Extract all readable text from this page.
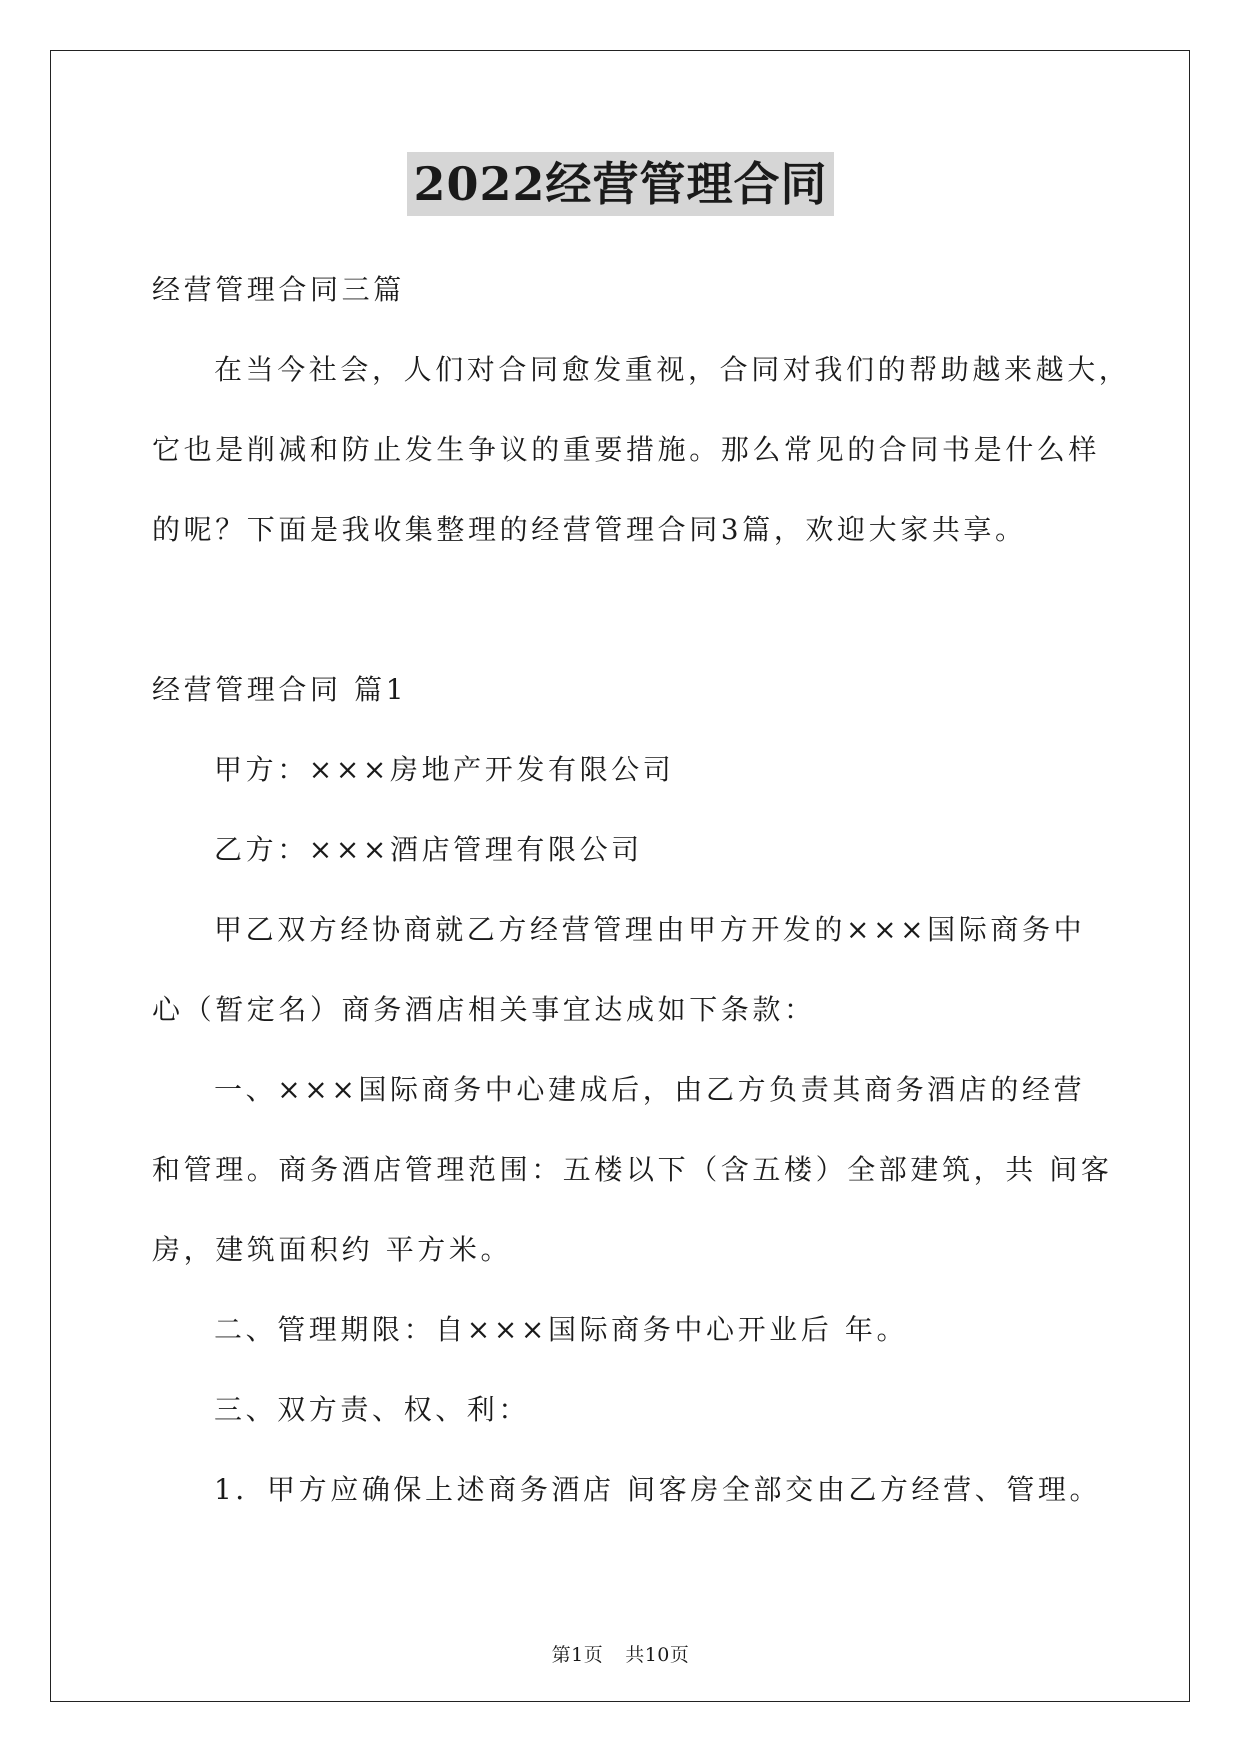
2022经营管理合同
经营管理合同三篇
在当今社会，人们对合同愈发重视，合同对我们的帮助越来越大，
它也是削减和防止发生争议的重要措施。那么常见的合同书是什么样
的呢？下面是我收集整理的经营管理合同3篇，欢迎大家共享。
经营管理合同 篇1
甲方：×××房地产开发有限公司
乙方：×××酒店管理有限公司
甲乙双方经协商就乙方经营管理由甲方开发的×××国际商务中
心（暂定名）商务酒店相关事宜达成如下条款：
一、×××国际商务中心建成后，由乙方负责其商务酒店的经营
和管理。商务酒店管理范围：五楼以下（含五楼）全部建筑，共 间客
房，建筑面积约 平方米。
二、管理期限：自×××国际商务中心开业后 年。
三、双方责、权、利：
1．甲方应确保上述商务酒店 间客房全部交由乙方经营、管理。
第1页 共10页
